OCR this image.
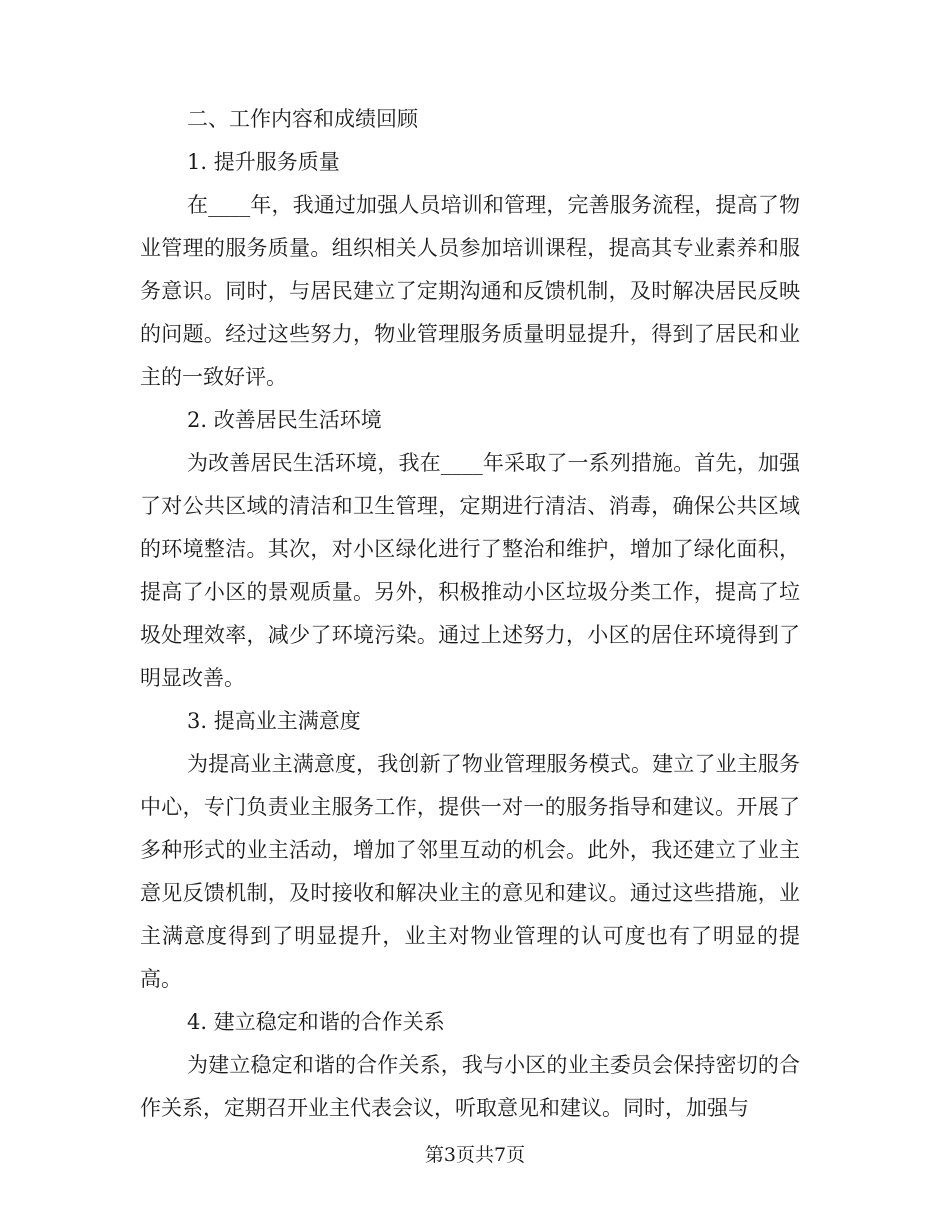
二、工作内容和成绩回顾

1. 提升服务质量

在____年，我通过加强人员培训和管理，完善服务流程，提高了物业管理的服务质量。组织相关人员参加培训课程，提高其专业素养和服务意识。同时，与居民建立了定期沟通和反馈机制，及时解决居民反映的问题。经过这些努力，物业管理服务质量明显提升，得到了居民和业主的一致好评。

2. 改善居民生活环境

为改善居民生活环境，我在____年采取了一系列措施。首先，加强了对公共区域的清洁和卫生管理，定期进行清洁、消毒，确保公共区域的环境整洁。其次，对小区绿化进行了整治和维护，增加了绿化面积，提高了小区的景观质量。另外，积极推动小区垃圾分类工作，提高了垃圾处理效率，减少了环境污染。通过上述努力，小区的居住环境得到了明显改善。

3. 提高业主满意度

为提高业主满意度，我创新了物业管理服务模式。建立了业主服务中心，专门负责业主服务工作，提供一对一的服务指导和建议。开展了多种形式的业主活动，增加了邻里互动的机会。此外，我还建立了业主意见反馈机制，及时接收和解决业主的意见和建议。通过这些措施，业主满意度得到了明显提升，业主对物业管理的认可度也有了明显的提高。

4. 建立稳定和谐的合作关系

为建立稳定和谐的合作关系，我与小区的业主委员会保持密切的合作关系，定期召开业主代表会议，听取意见和建议。同时，加强与

第3页共7页
